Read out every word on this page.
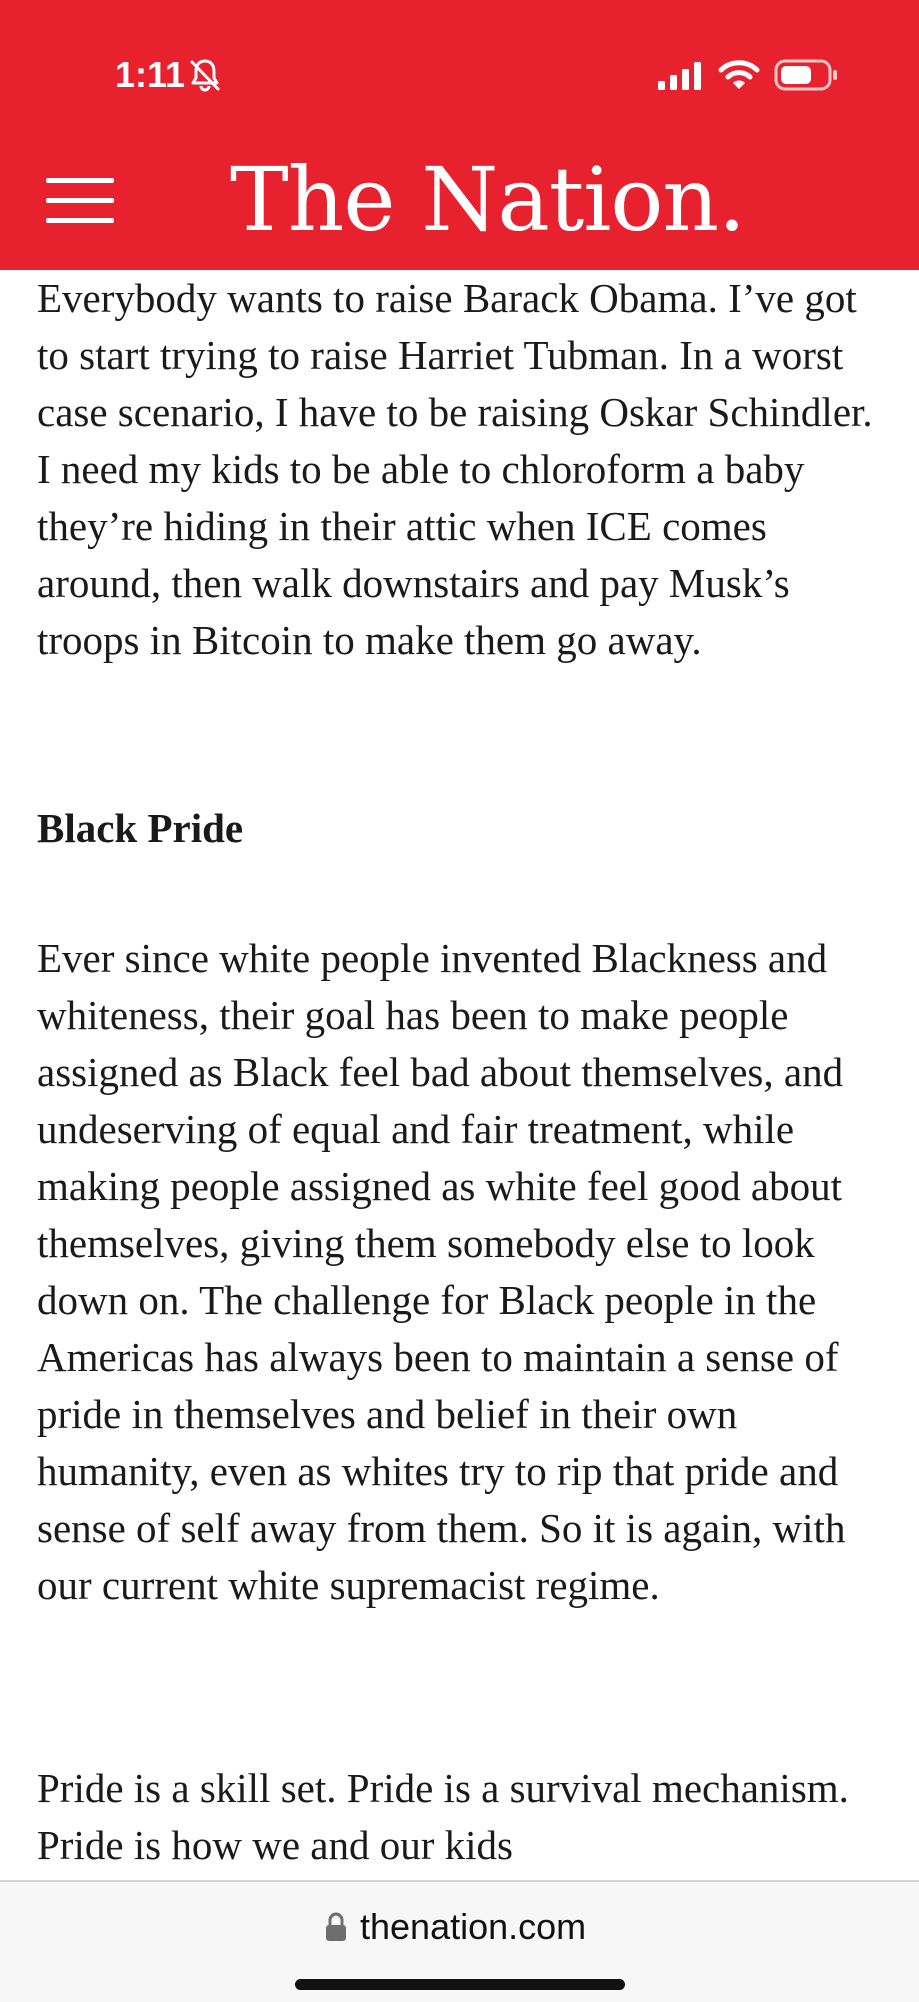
1:11
The Nation.

Everybody wants to raise Barack Obama. I’ve got to start trying to raise Harriet Tubman. In a worst case scenario, I have to be raising Oskar Schindler. I need my kids to be able to chloroform a baby they’re hiding in their attic when ICE comes around, then walk downstairs and pay Musk’s troops in Bitcoin to make them go away.

Black Pride

Ever since white people invented Blackness and whiteness, their goal has been to make people assigned as Black feel bad about themselves, and undeserving of equal and fair treatment, while making people assigned as white feel good about themselves, giving them somebody else to look down on. The challenge for Black people in the Americas has always been to maintain a sense of pride in themselves and belief in their own humanity, even as whites try to rip that pride and sense of self away from them. So it is again, with our current white supremacist regime.

Pride is a skill set. Pride is a survival mechanism. Pride is how we and our kids

thenation.com
